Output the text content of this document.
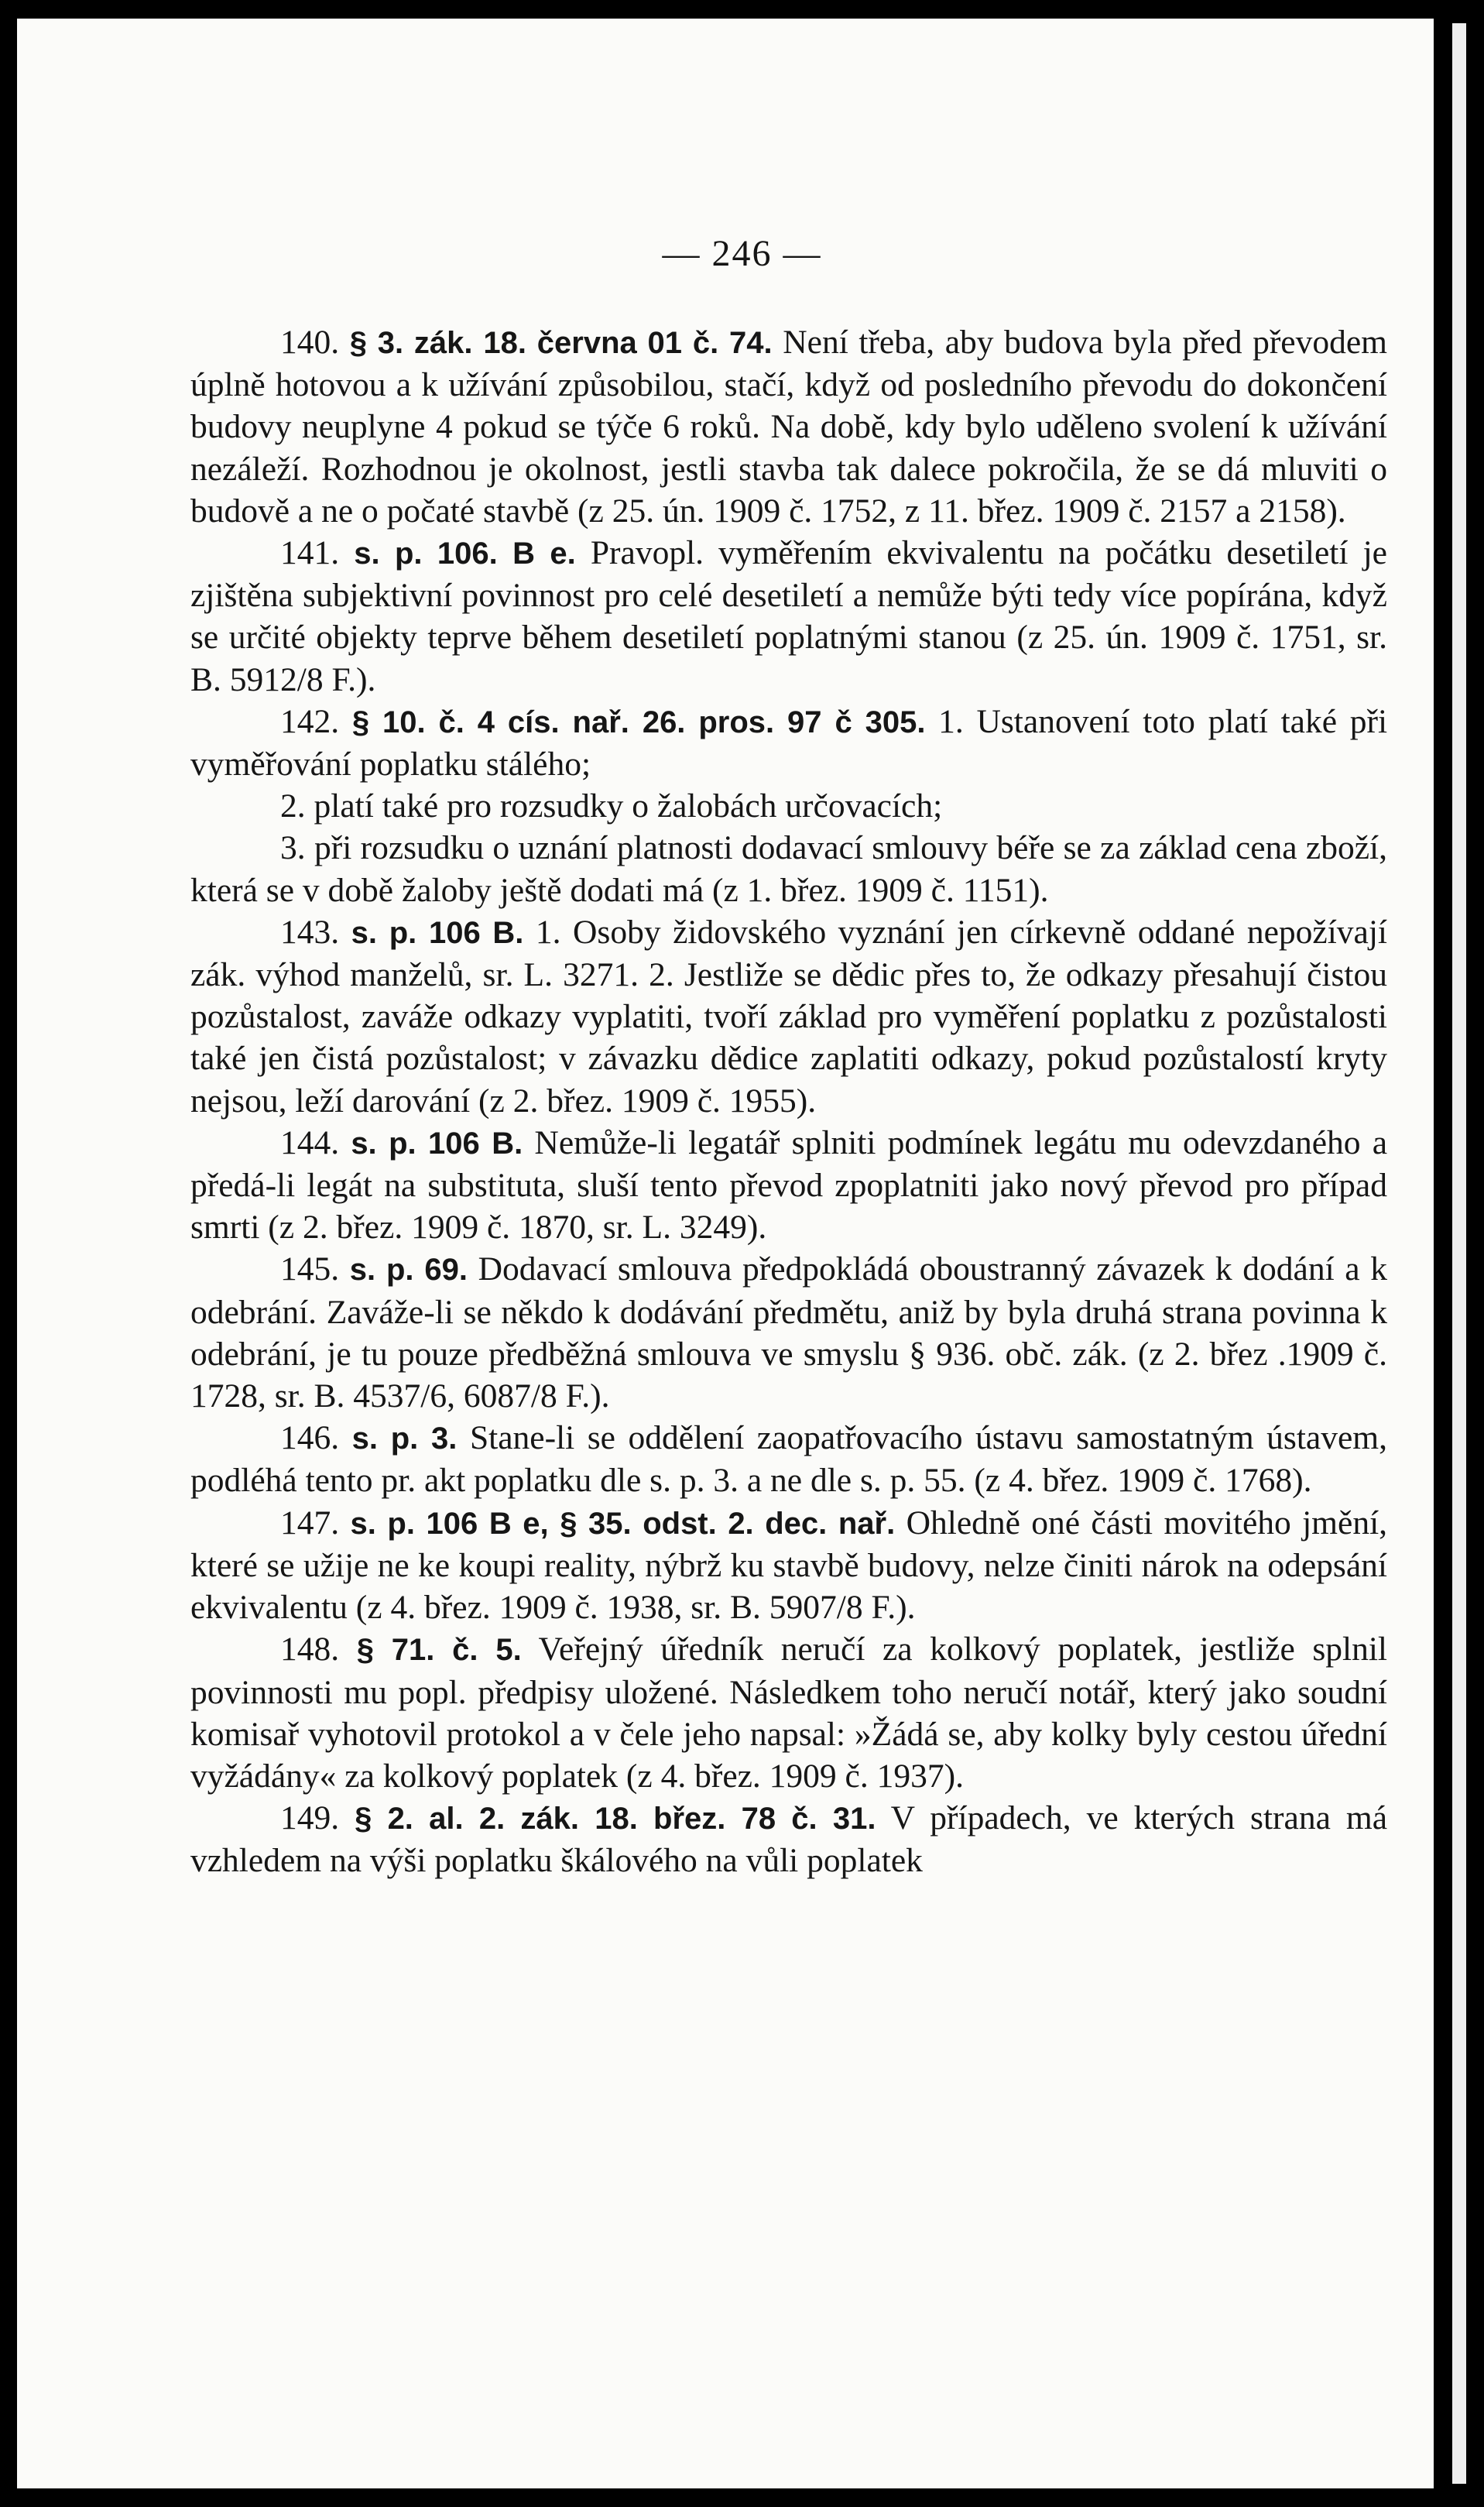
— 246 —

140. § 3. zák. 18. června 01 č. 74. Není třeba, aby budova byla před převodem úplně hotovou a k užívání způsobilou, stačí, když od posledního převodu do dokončení budovy neuplyne 4 pokud se týče 6 roků. Na době, kdy bylo uděleno svolení k užívání nezáleží. Rozhodnou je okolnost, jestli stavba tak dalece pokročila, že se dá mluviti o budově a ne o počaté stavbě (z 25. ún. 1909 č. 1752, z 11. břez. 1909 č. 2157 a 2158).

141. s. p. 106. B e. Pravopl. vyměřením ekvivalentu na počátku desetiletí je zjištěna subjektivní povinnost pro celé desetiletí a nemůže býti tedy více popírána, když se určité objekty teprve během desetiletí poplatnými stanou (z 25. ún. 1909 č. 1751, sr. B. 5912/8 F.).

142. § 10. č. 4 cís. nař. 26. pros. 97 č 305. 1. Ustanovení toto platí také při vyměřování poplatku stálého;

2. platí také pro rozsudky o žalobách určovacích;

3. při rozsudku o uznání platnosti dodavací smlouvy béře se za základ cena zboží, která se v době žaloby ještě dodati má (z 1. břez. 1909 č. 1151).

143. s. p. 106 B. 1. Osoby židovského vyznání jen církevně oddané nepožívají zák. výhod manželů, sr. L. 3271. 2. Jestliže se dědic přes to, že odkazy přesahují čistou pozůstalost, zaváže odkazy vyplatiti, tvoří základ pro vyměření poplatku z pozůstalosti také jen čistá pozůstalost; v závazku dědice zaplatiti odkazy, pokud pozůstalostí kryty nejsou, leží darování (z 2. břez. 1909 č. 1955).

144. s. p. 106 B. Nemůže-li legatář splniti podmínek legátu mu odevzdaného a předá-li legát na substituta, sluší tento převod zpoplatniti jako nový převod pro případ smrti (z 2. břez. 1909 č. 1870, sr. L. 3249).

145. s. p. 69. Dodavací smlouva předpokládá oboustranný závazek k dodání a k odebrání. Zaváže-li se někdo k dodávání předmětu, aniž by byla druhá strana povinna k odebrání, je tu pouze předběžná smlouva ve smyslu § 936. obč. zák. (z 2. břez .1909 č. 1728, sr. B. 4537/6, 6087/8 F.).

146. s. p. 3. Stane-li se oddělení zaopatřovacího ústavu samostatným ústavem, podléhá tento pr. akt poplatku dle s. p. 3. a ne dle s. p. 55. (z 4. břez. 1909 č. 1768).

147. s. p. 106 B e, § 35. odst. 2. dec. nař. Ohledně oné části movitého jmění, které se užije ne ke koupi reality, nýbrž ku stavbě budovy, nelze činiti nárok na odepsání ekvivalentu (z 4. břez. 1909 č. 1938, sr. B. 5907/8 F.).

148. § 71. č. 5. Veřejný úředník neručí za kolkový poplatek, jestliže splnil povinnosti mu popl. předpisy uložené. Následkem toho neručí notář, který jako soudní komisař vyhotovil protokol a v čele jeho napsal: »Žádá se, aby kolky byly cestou úřední vyžádány« za kolkový poplatek (z 4. břez. 1909 č. 1937).

149. § 2. al. 2. zák. 18. břez. 78 č. 31. V případech, ve kterých strana má vzhledem na výši poplatku škálového na vůli poplatek
